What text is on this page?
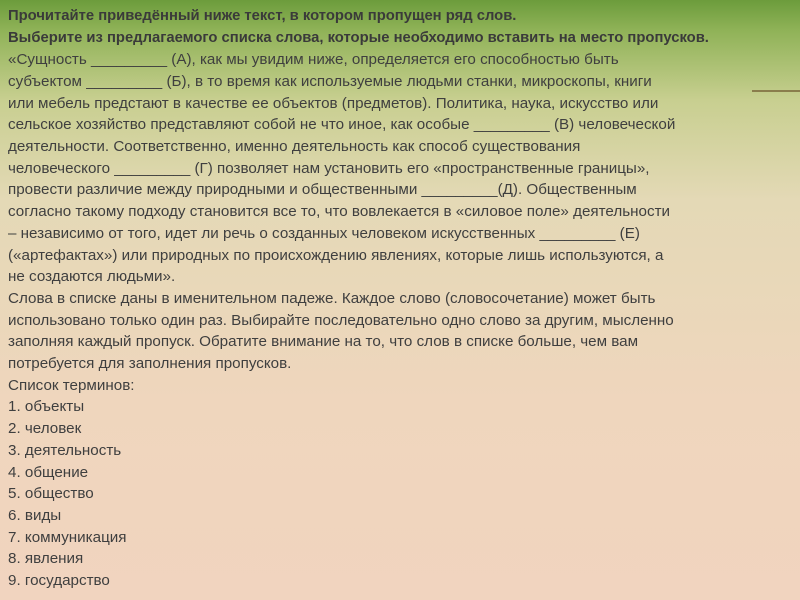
Прочитайте приведённый ниже текст, в котором пропущен ряд слов.
Выберите из предлагаемого списка слова, которые необходимо вставить на место пропусков.
«Сущность _________ (А), как мы увидим ниже, определяется его способностью быть
субъектом _________ (Б), в то время как используемые людьми станки, микроскопы, книги
или мебель предстают в качестве ее объектов (предметов). Политика, наука, искусство или
сельское хозяйство представляют собой не что иное, как особые _________ (В) человеческой
деятельности. Соответственно, именно деятельность как способ существования
человеческого _________ (Г) позволяет нам установить его «пространственные границы»,
провести различие между природными и общественными _________(Д). Общественным
согласно такому подходу становится все то, что вовлекается в «силовое поле» деятельности
– независимо от того, идет ли речь о созданных человеком искусственных _________ (Е)
(«артефактах») или природных по происхождению явлениях, которые лишь используются, а
не создаются людьми».
Слова в списке даны в именительном падеже. Каждое слово (словосочетание) может быть
использовано только один раз. Выбирайте последовательно одно слово за другим, мысленно
заполняя каждый пропуск. Обратите внимание на то, что слов в списке больше, чем вам
потребуется для заполнения пропусков.
Список терминов:
1. объекты
2. человек
3. деятельность
4. общение
5. общество
6. виды
7. коммуникация
8. явления
9. государство
